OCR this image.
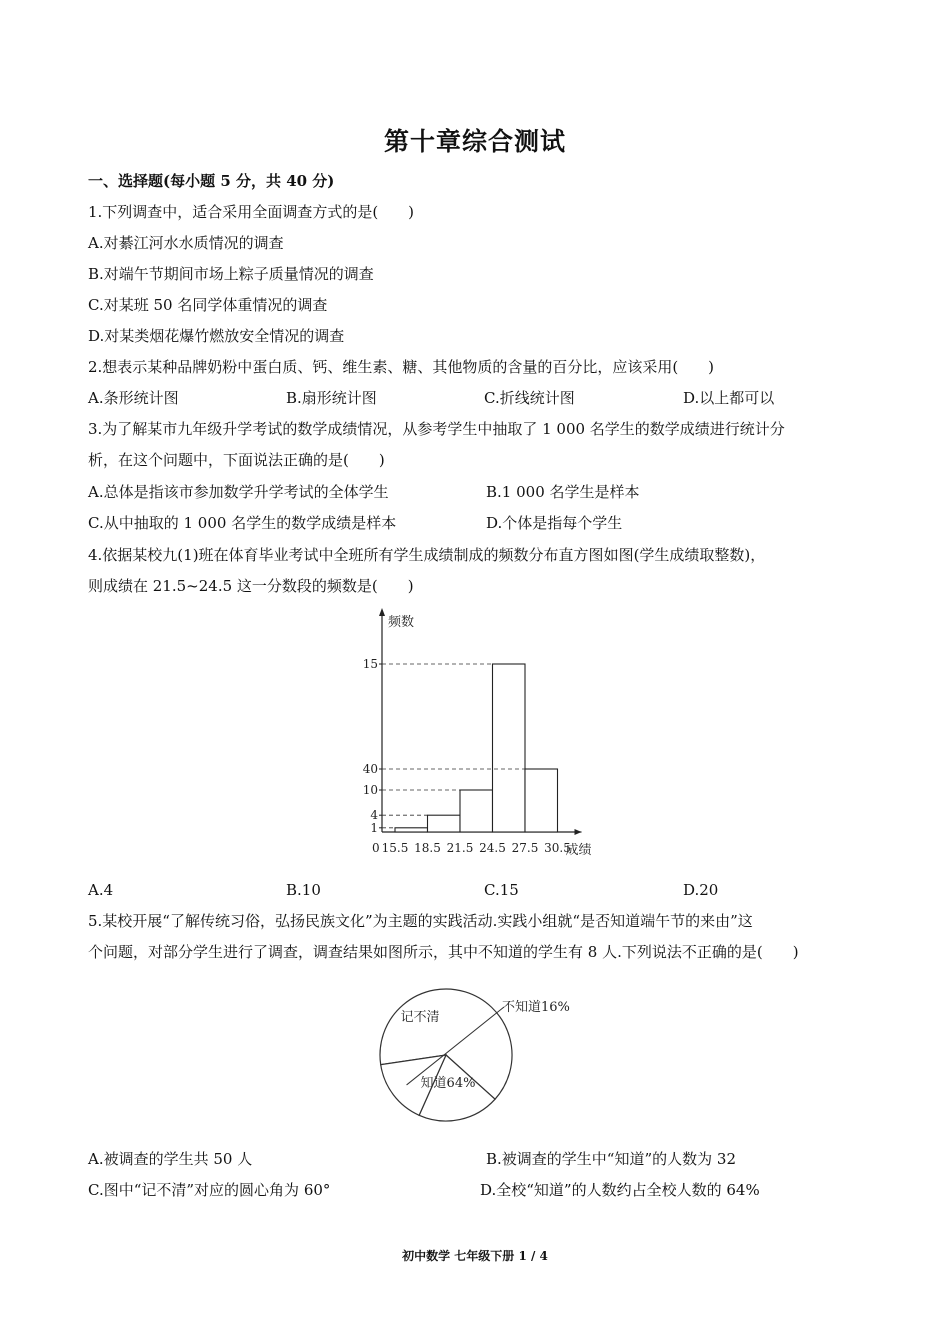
第十章综合测试
一、选择题(每小题 5 分，共 40 分)
1.下列调查中，适合采用全面调查方式的是(　　)
A.对綦江河水水质情况的调查
B.对端午节期间市场上粽子质量情况的调查
C.对某班 50 名同学体重情况的调查
D.对某类烟花爆竹燃放安全情况的调查
2.想表示某种品牌奶粉中蛋白质、钙、维生素、糖、其他物质的含量的百分比，应该采用(　　)
A.条形统计图	B.扇形统计图	C.折线统计图	D.以上都可以
3.为了解某市九年级升学考试的数学成绩情况，从参考学生中抽取了 1 000 名学生的数学成绩进行统计分
析，在这个问题中，下面说法正确的是(　　)
A.总体是指该市参加数学升学考试的全体学生	B.1 000 名学生是样本
C.从中抽取的 1 000 名学生的数学成绩是样本	D.个体是指每个学生
4.依据某校九(1)班在体育毕业考试中全班所有学生成绩制成的频数分布直方图如图(学生成绩取整数)，
则成绩在 21.5~24.5 这一分数段的频数是(　　)
频数
成绩
0
1
4
10
15
40
15.5 18.5 21.5 24.5 27.5 30.5
A.4	B.10	C.15	D.20
5.某校开展“了解传统习俗，弘扬民族文化”为主题的实践活动.实践小组就“是否知道端午节的来由”这
个问题，对部分学生进行了调查，调查结果如图所示，其中不知道的学生有 8 人.下列说法不正确的是(　　)
知道64%
记不清
不知道16%
A.被调查的学生共 50 人	B.被调查的学生中“知道”的人数为 32
C.图中“记不清”对应的圆心角为 60°	D.全校“知道”的人数约占全校人数的 64%
初中数学 七年级下册 1 / 4
